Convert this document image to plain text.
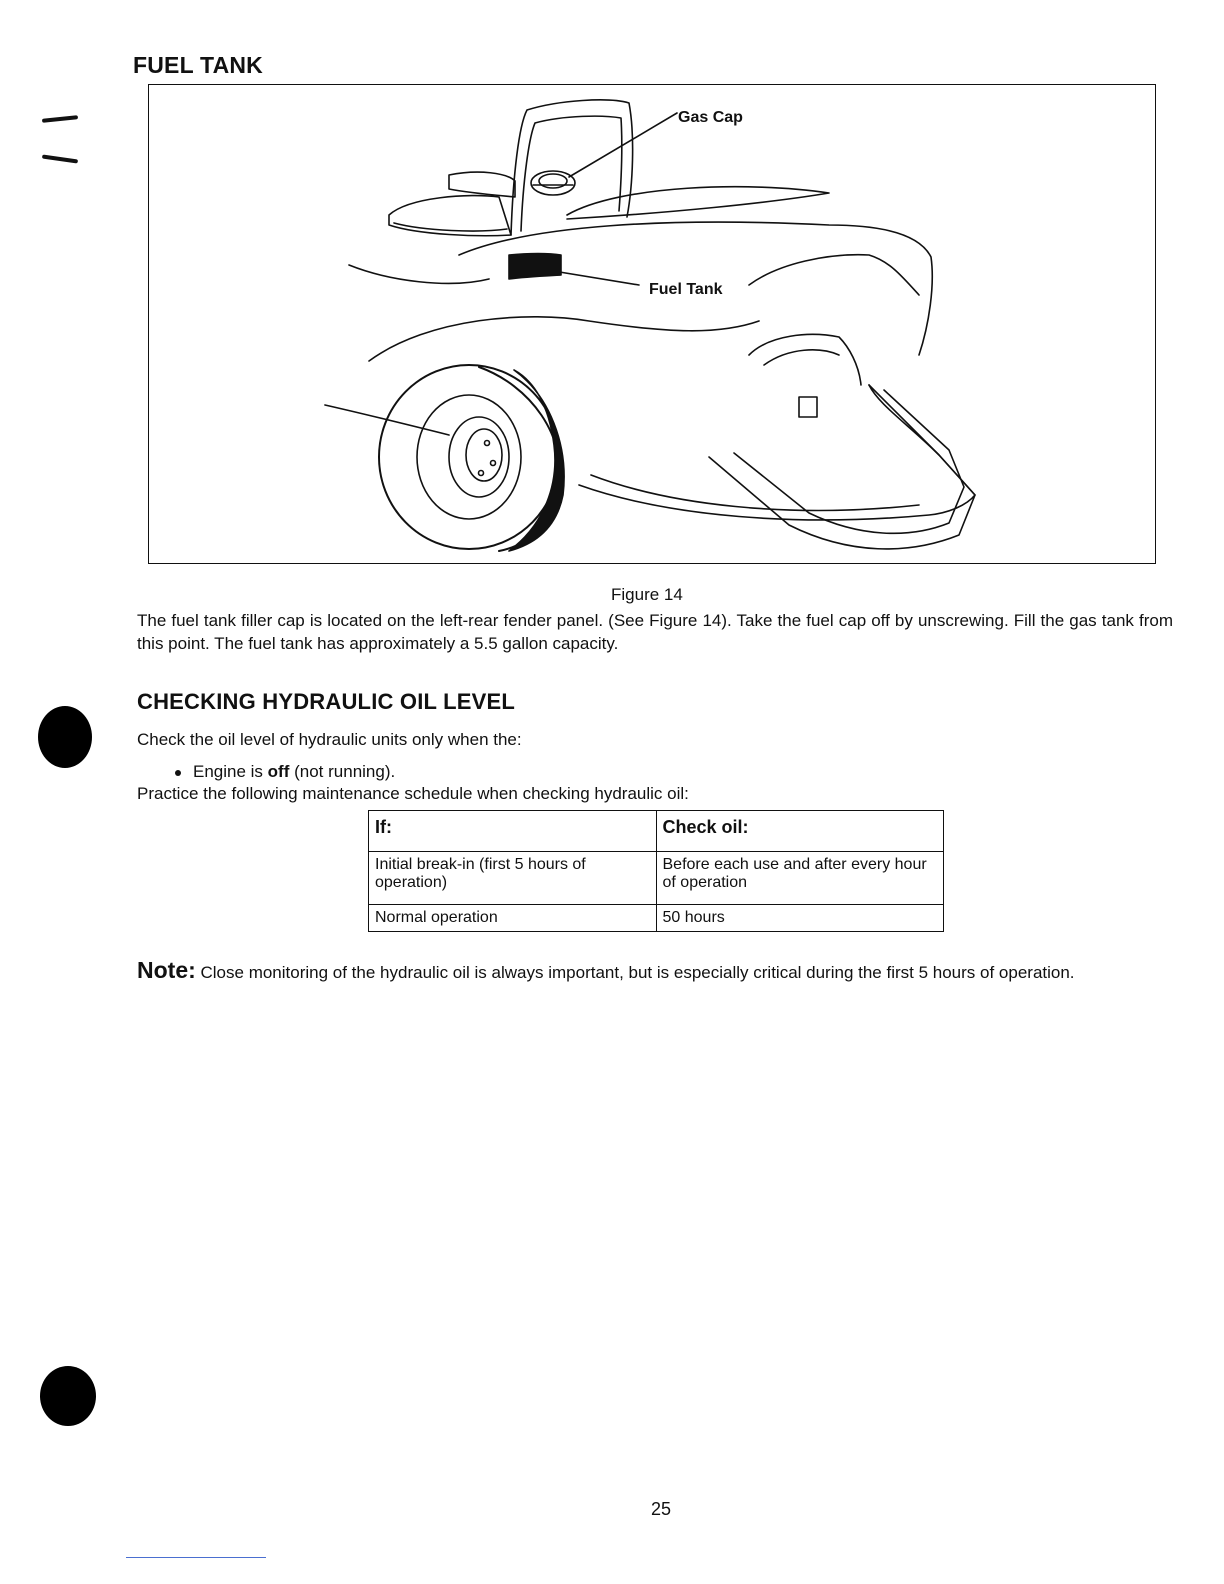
FUEL TANK
Gas Cap
Fuel Tank
Figure 14
The fuel tank filler cap is located on the left-rear fender panel. (See Figure 14). Take the fuel cap off by unscrewing. Fill the gas tank from this point. The fuel tank has approximately a 5.5 gallon capacity.
CHECKING HYDRAULIC OIL LEVEL
Check the oil level of hydraulic units only when the:
Engine is off (not running).
Practice the following maintenance schedule when checking hydraulic oil:
If:	Check oil:
Initial break-in (first 5 hours of operation)	Before each use and after every hour of operation
Normal operation	50 hours
Note: Close monitoring of the hydraulic oil is always important, but is especially critical during the first 5 hours of operation.
25
